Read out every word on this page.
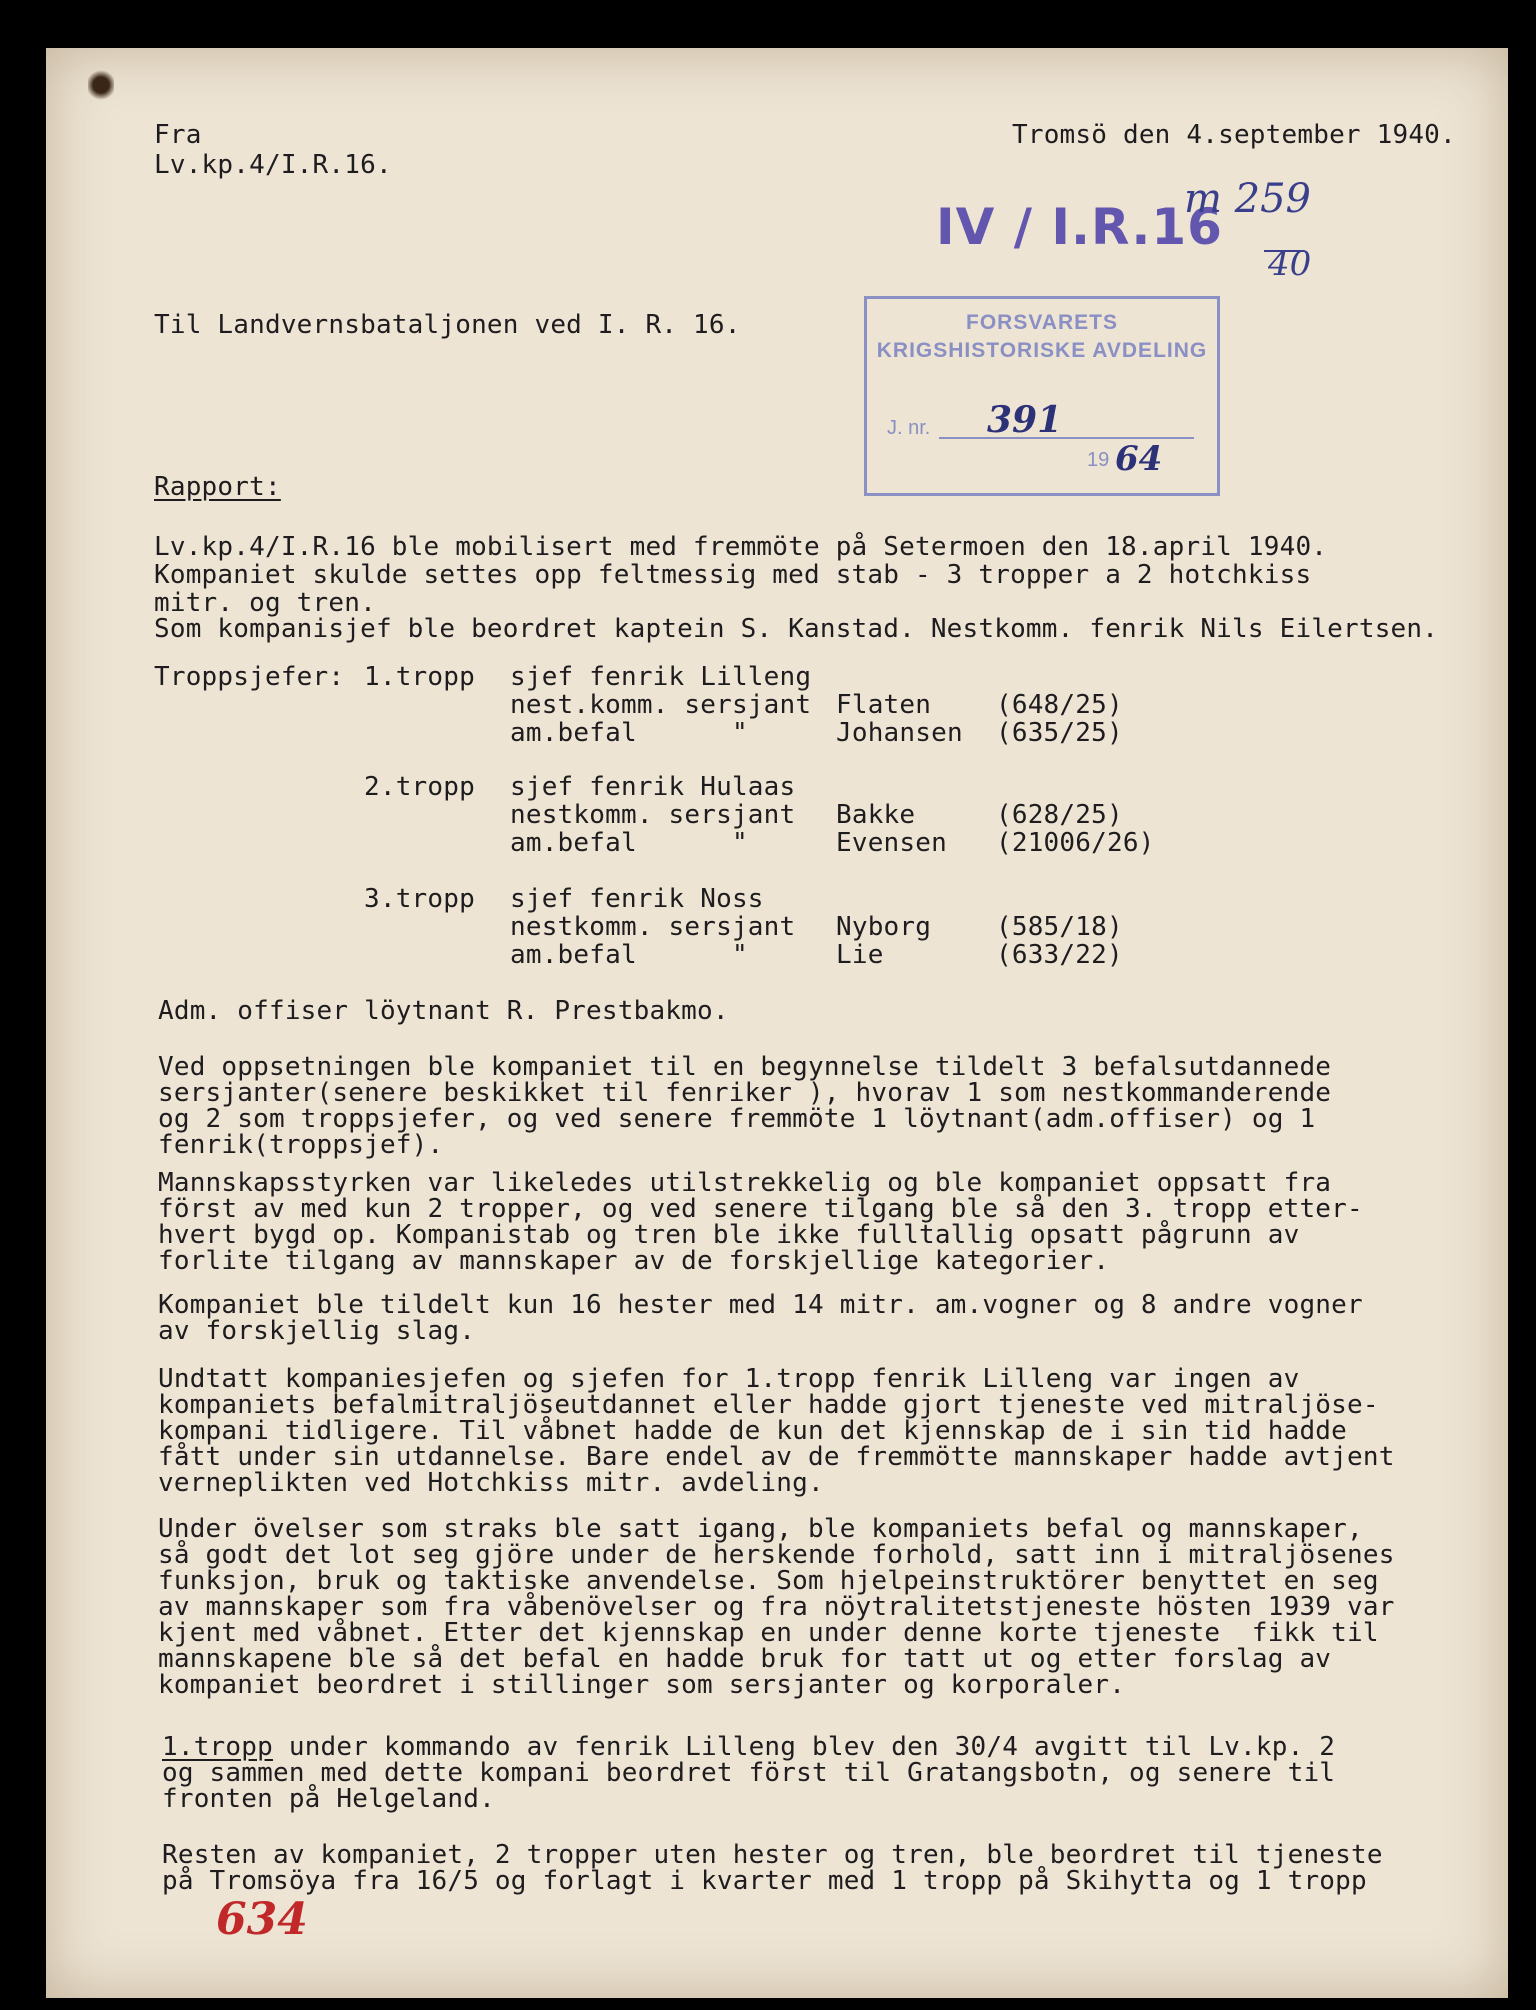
Fra
Lv.kp.4/I.R.16.
Tromsö den 4.september 1940.
IV / I.R.16
m 259
40
FORSVARETS
KRIGSHISTORISKE AVDELING
J. nr. 391
19 64
Til Landvernsbataljonen ved I. R. 16.
Rapport:
Lv.kp.4/I.R.16 ble mobilisert med fremmöte på Setermoen den 18.april 1940.
Kompaniet skulde settes opp feltmessig med stab - 3 tropper a 2 hotchkiss
mitr. og tren.
Som kompanisjef ble beordret kaptein S. Kanstad. Nestkomm. fenrik Nils Eilertsen.
Troppsjefer: 1.tropp sjef fenrik Lilleng
nest.komm. sersjant Flaten (648/25)
am.befal      "	Johansen (635/25)
2.tropp sjef fenrik Hulaas
nestkomm. sersjant Bakke	(628/25)
am.befal      "	Evensen (21006/26)
3.tropp sjef fenrik Noss
nestkomm. sersjant Nyborg (585/18)
am.befal      "	Lie	(633/22)
Adm. offiser löytnant R. Prestbakmo.
Ved oppsetningen ble kompaniet til en begynnelse tildelt 3 befalsutdannede
sersjanter(senere beskikket til fenriker ), hvorav 1 som nestkommanderende
og 2 som troppsjefer, og ved senere fremmöte 1 löytnant(adm.offiser) og 1
fenrik(troppsjef).
Mannskapsstyrken var likeledes utilstrekkelig og ble kompaniet oppsatt fra
först av med kun 2 tropper, og ved senere tilgang ble så den 3. tropp etter-
hvert bygd op. Kompanistab og tren ble ikke fulltallig opsatt pågrunn av
forlite tilgang av mannskaper av de forskjellige kategorier.
Kompaniet ble tildelt kun 16 hester med 14 mitr. am.vogner og 8 andre vogner
av forskjellig slag.
Undtatt kompaniesjefen og sjefen for 1.tropp fenrik Lilleng var ingen av
kompaniets befalmitraljöseutdannet eller hadde gjort tjeneste ved mitraljöse-
kompani tidligere. Til våbnet hadde de kun det kjennskap de i sin tid hadde
fått under sin utdannelse. Bare endel av de fremmötte mannskaper hadde avtjent
verneplikten ved Hotchkiss mitr. avdeling.
Under övelser som straks ble satt igang, ble kompaniets befal og mannskaper,
så godt det lot seg gjöre under de herskende forhold, satt inn i mitraljösenes
funksjon, bruk og taktiske anvendelse. Som hjelpeinstruktörer benyttet en seg
av mannskaper som fra våbenövelser og fra nöytralitetstjeneste hösten 1939 var
kjent med våbnet. Etter det kjennskap en under denne korte tjeneste  fikk til
mannskapene ble så det befal en hadde bruk for tatt ut og etter forslag av
kompaniet beordret i stillinger som sersjanter og korporaler.
1.tropp under kommando av fenrik Lilleng blev den 30/4 avgitt til Lv.kp. 2
og sammen med dette kompani beordret först til Gratangsbotn, og senere til
fronten på Helgeland.
Resten av kompaniet, 2 tropper uten hester og tren, ble beordret til tjeneste
på Tromsöya fra 16/5 og forlagt i kvarter med 1 tropp på Skihytta og 1 tropp
634
